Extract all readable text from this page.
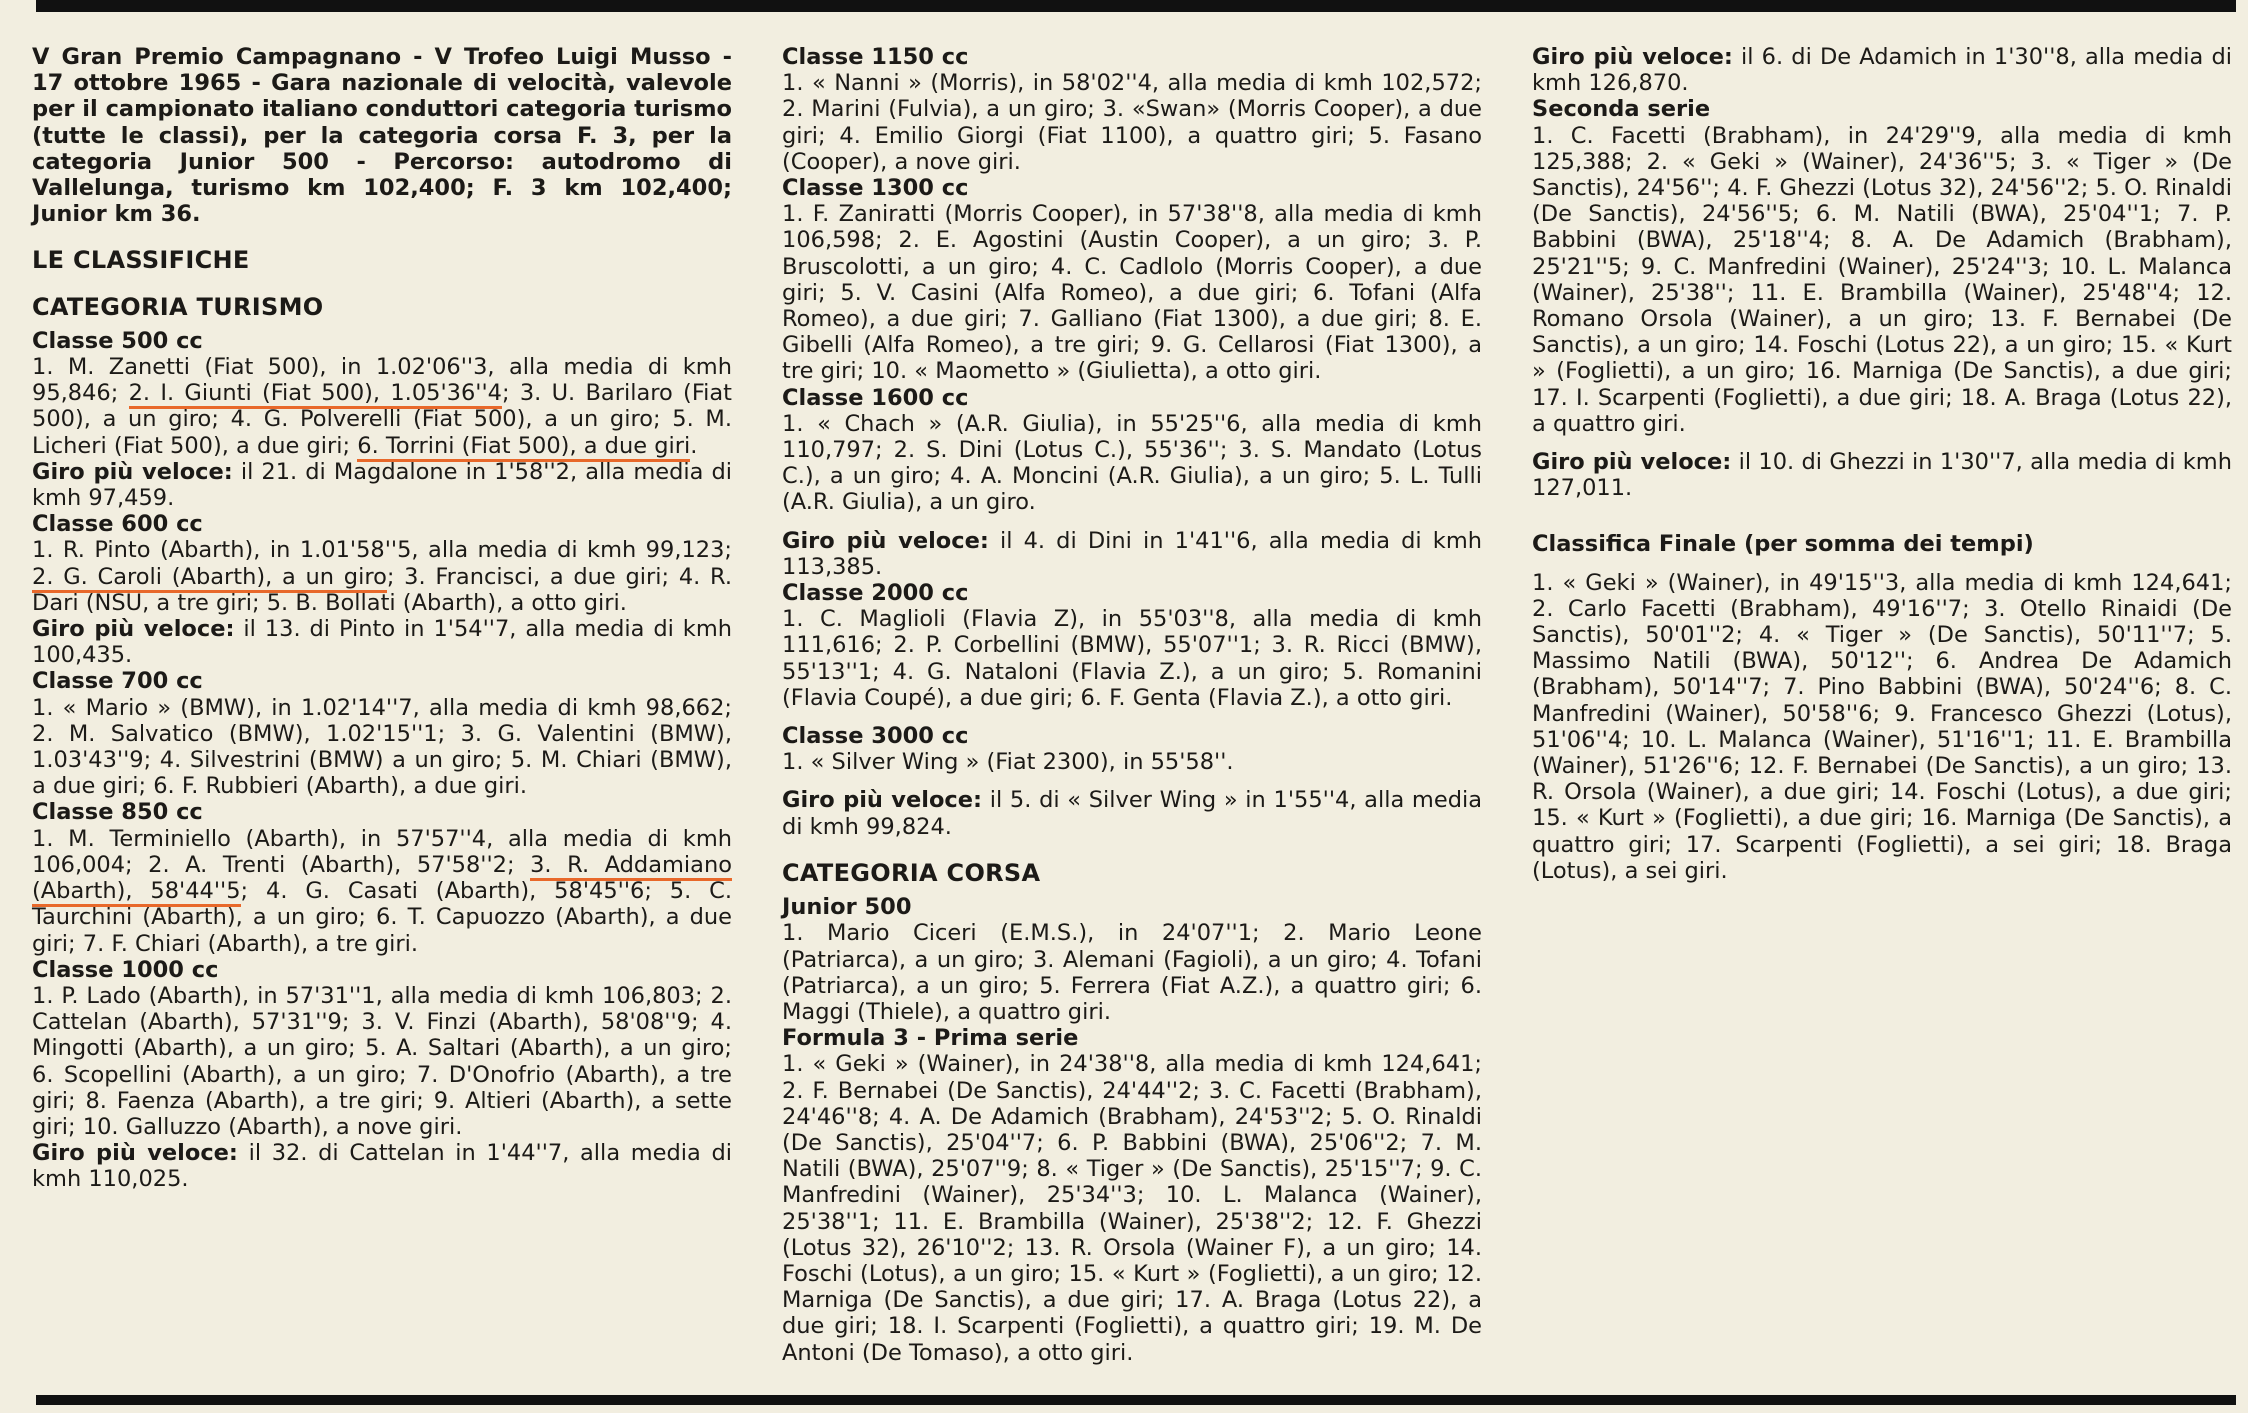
V Gran Premio Campagnano - V Trofeo Luigi Musso - 17 ottobre 1965 - Gara nazionale di velocità, valevole per il campionato italiano conduttori categoria turismo (tutte le classi), per la categoria corsa F. 3, per la categoria Junior 500 - Percorso: autodromo di Vallelunga, turismo km 102,400; F. 3 km 102,400; Junior km 36.

LE CLASSIFICHE
CATEGORIA TURISMO
Classe 500 cc

1. M. Zanetti (Fiat 500), in 1.02'06''3, alla media di kmh 95,846; 2. I. Giunti (Fiat 500), 1.05'36''4; 3. U. Barilaro (Fiat 500), a un giro; 4. G. Polverelli (Fiat 500), a un giro; 5. M. Licheri (Fiat 500), a due giri; 6. Torrini (Fiat 500), a due giri.

Giro più veloce: il 21. di Magdalone in 1'58''2, alla media di kmh 97,459.

Classe 600 cc

1. R. Pinto (Abarth), in 1.01'58''5, alla media di kmh 99,123; 2. G. Caroli (Abarth), a un giro; 3. Francisci, a due giri; 4. R. Dari (NSU, a tre giri; 5. B. Bollati (Abarth), a otto giri.

Giro più veloce: il 13. di Pinto in 1'54''7, alla media di kmh 100,435.

Classe 700 cc

1. « Mario » (BMW), in 1.02'14''7, alla media di kmh 98,662; 2. M. Salvatico (BMW), 1.02'15''1; 3. G. Valentini (BMW), 1.03'43''9; 4. Silvestrini (BMW) a un giro; 5. M. Chiari (BMW), a due giri; 6. F. Rubbieri (Abarth), a due giri.

Classe 850 cc

1. M. Terminiello (Abarth), in 57'57''4, alla media di kmh 106,004; 2. A. Trenti (Abarth), 57'58''2; 3. R. Addamiano (Abarth), 58'44''5; 4. G. Casati (Abarth), 58'45''6; 5. C. Taurchini (Abarth), a un giro; 6. T. Capuozzo (Abarth), a due giri; 7. F. Chiari (Abarth), a tre giri.

Classe 1000 cc

1. P. Lado (Abarth), in 57'31''1, alla media di kmh 106,803; 2. Cattelan (Abarth), 57'31''9; 3. V. Finzi (Abarth), 58'08''9; 4. Mingotti (Abarth), a un giro; 5. A. Saltari (Abarth), a un giro; 6. Scopellini (Abarth), a un giro; 7. D'Onofrio (Abarth), a tre giri; 8. Faenza (Abarth), a tre giri; 9. Altieri (Abarth), a sette giri; 10. Galluzzo (Abarth), a nove giri.

Giro più veloce: il 32. di Cattelan in 1'44''7, alla media di kmh 110,025.

Classe 1150 cc

1. « Nanni » (Morris), in 58'02''4, alla media di kmh 102,572; 2. Marini (Fulvia), a un giro; 3. «Swan» (Morris Cooper), a due giri; 4. Emilio Giorgi (Fiat 1100), a quattro giri; 5. Fasano (Cooper), a nove giri.

Classe 1300 cc

1. F. Zaniratti (Morris Cooper), in 57'38''8, alla media di kmh 106,598; 2. E. Agostini (Austin Cooper), a un giro; 3. P. Bruscolotti, a un giro; 4. C. Cadlolo (Morris Cooper), a due giri; 5. V. Casini (Alfa Romeo), a due giri; 6. Tofani (Alfa Romeo), a due giri; 7. Galliano (Fiat 1300), a due giri; 8. E. Gibelli (Alfa Romeo), a tre giri; 9. G. Cellarosi (Fiat 1300), a tre giri; 10. « Maometto » (Giulietta), a otto giri.

Classe 1600 cc

1. « Chach » (A.R. Giulia), in 55'25''6, alla media di kmh 110,797; 2. S. Dini (Lotus C.), 55'36''; 3. S. Mandato (Lotus C.), a un giro; 4. A. Moncini (A.R. Giulia), a un giro; 5. L. Tulli (A.R. Giulia), a un giro.

Giro più veloce: il 4. di Dini in 1'41''6, alla media di kmh 113,385.

Classe 2000 cc

1. C. Maglioli (Flavia Z), in 55'03''8, alla media di kmh 111,616; 2. P. Corbellini (BMW), 55'07''1; 3. R. Ricci (BMW), 55'13''1; 4. G. Nataloni (Flavia Z.), a un giro; 5. Romanini (Flavia Coupé), a due giri; 6. F. Genta (Flavia Z.), a otto giri.

Classe 3000 cc

1. « Silver Wing » (Fiat 2300), in 55'58''.

Giro più veloce: il 5. di « Silver Wing » in 1'55''4, alla media di kmh 99,824.

CATEGORIA CORSA
Junior 500

1. Mario Ciceri (E.M.S.), in 24'07''1; 2. Mario Leone (Patriarca), a un giro; 3. Alemani (Fagioli), a un giro; 4. Tofani (Patriarca), a un giro; 5. Ferrera (Fiat A.Z.), a quattro giri; 6. Maggi (Thiele), a quattro giri.

Formula 3 - Prima serie

1. « Geki » (Wainer), in 24'38''8, alla media di kmh 124,641; 2. F. Bernabei (De Sanctis), 24'44''2; 3. C. Facetti (Brabham), 24'46''8; 4. A. De Adamich (Brabham), 24'53''2; 5. O. Rinaldi (De Sanctis), 25'04''7; 6. P. Babbini (BWA), 25'06''2; 7. M. Natili (BWA), 25'07''9; 8. « Tiger » (De Sanctis), 25'15''7; 9. C. Manfredini (Wainer), 25'34''3; 10. L. Malanca (Wainer), 25'38''1; 11. E. Brambilla (Wainer), 25'38''2; 12. F. Ghezzi (Lotus 32), 26'10''2; 13. R. Orsola (Wainer F), a un giro; 14. Foschi (Lotus), a un giro; 15. « Kurt » (Foglietti), a un giro; 12. Marniga (De Sanctis), a due giri; 17. A. Braga (Lotus 22), a due giri; 18. I. Scarpenti (Foglietti), a quattro giri; 19. M. De Antoni (De Tomaso), a otto giri.

Giro più veloce: il 6. di De Adamich in 1'30''8, alla media di kmh 126,870.

Seconda serie

1. C. Facetti (Brabham), in 24'29''9, alla media di kmh 125,388; 2. « Geki » (Wainer), 24'36''5; 3. « Tiger » (De Sanctis), 24'56''; 4. F. Ghezzi (Lotus 32), 24'56''2; 5. O. Rinaldi (De Sanctis), 24'56''5; 6. M. Natili (BWA), 25'04''1; 7. P. Babbini (BWA), 25'18''4; 8. A. De Adamich (Brabham), 25'21''5; 9. C. Manfredini (Wainer), 25'24''3; 10. L. Malanca (Wainer), 25'38''; 11. E. Brambilla (Wainer), 25'48''4; 12. Romano Orsola (Wainer), a un giro; 13. F. Bernabei (De Sanctis), a un giro; 14. Foschi (Lotus 22), a un giro; 15. « Kurt » (Foglietti), a un giro; 16. Marniga (De Sanctis), a due giri; 17. I. Scarpenti (Foglietti), a due giri; 18. A. Braga (Lotus 22), a quattro giri.

Giro più veloce: il 10. di Ghezzi in 1'30''7, alla media di kmh 127,011.

Classifica Finale (per somma dei tempi)

1. « Geki » (Wainer), in 49'15''3, alla media di kmh 124,641; 2. Carlo Facetti (Brabham), 49'16''7; 3. Otello Rinaidi (De Sanctis), 50'01''2; 4. « Tiger » (De Sanctis), 50'11''7; 5. Massimo Natili (BWA), 50'12''; 6. Andrea De Adamich (Brabham), 50'14''7; 7. Pino Babbini (BWA), 50'24''6; 8. C. Manfredini (Wainer), 50'58''6; 9. Francesco Ghezzi (Lotus), 51'06''4; 10. L. Malanca (Wainer), 51'16''1; 11. E. Brambilla (Wainer), 51'26''6; 12. F. Bernabei (De Sanctis), a un giro; 13. R. Orsola (Wainer), a due giri; 14. Foschi (Lotus), a due giri; 15. « Kurt » (Foglietti), a due giri; 16. Marniga (De Sanctis), a quattro giri; 17. Scarpenti (Foglietti), a sei giri; 18. Braga (Lotus), a sei giri.
